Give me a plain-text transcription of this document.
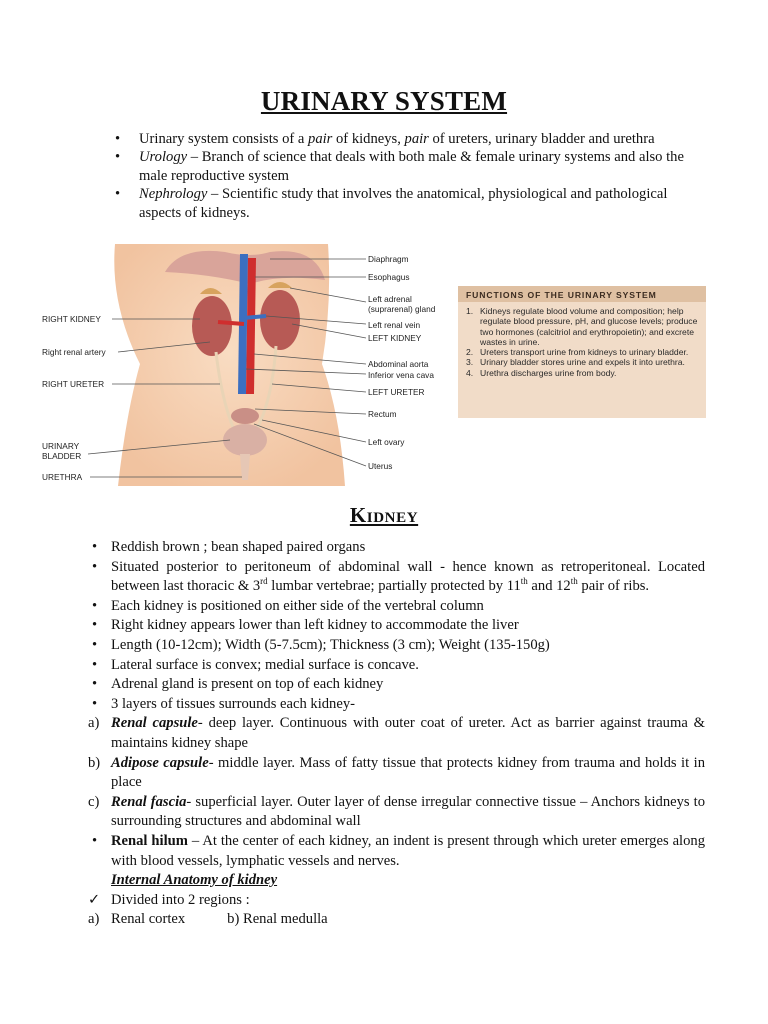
URINARY SYSTEM
• Urinary system consists of a pair of kidneys, pair of ureters, urinary bladder and urethra
• Urology – Branch of science that deals with both male & female urinary systems and also the male reproductive system
• Nephrology – Scientific study that involves the anatomical, physiological and pathological aspects of kidneys.
RIGHT KIDNEY
Right renal artery
RIGHT URETER
URINARY
BLADDER
URETHRA
Diaphragm
Esophagus
Left adrenal
(suprarenal) gland
Left renal vein
LEFT KIDNEY
Abdominal aorta
Inferior vena cava
LEFT URETER
Rectum
Left ovary
Uterus
FUNCTIONS OF THE URINARY SYSTEM
1. Kidneys regulate blood volume and composition; help regulate blood pressure, pH, and glucose levels; produce two hormones (calcitriol and erythropoietin); and excrete wastes in urine.
2. Ureters transport urine from kidneys to urinary bladder.
3. Urinary bladder stores urine and expels it into urethra.
4. Urethra discharges urine from body.
Kidney
• Reddish brown ; bean shaped paired organs
• Situated posterior to peritoneum of abdominal wall - hence known as retroperitoneal. Located between last thoracic & 3rd lumbar vertebrae; partially protected by 11th and 12th pair of ribs.
• Each kidney is positioned on either side of the vertebral column
• Right kidney appears lower than left kidney to accommodate the liver
• Length (10-12cm); Width (5-7.5cm); Thickness (3 cm); Weight (135-150g)
• Lateral surface is convex; medial surface is concave.
• Adrenal gland is present on top of each kidney
• 3 layers of tissues surrounds each kidney-
a) Renal capsule- deep layer. Continuous with outer coat of ureter. Act as barrier against trauma & maintains kidney shape
b) Adipose capsule- middle layer. Mass of fatty tissue that protects kidney from trauma and holds it in place
c) Renal fascia- superficial layer. Outer layer of dense irregular connective tissue – Anchors kidneys to surrounding structures and abdominal wall
• Renal hilum – At the center of each kidney, an indent is present through which ureter emerges along with blood vessels, lymphatic vessels and nerves.
Internal Anatomy of kidney
✓ Divided into 2 regions :
a) Renal cortex	b) Renal medulla
